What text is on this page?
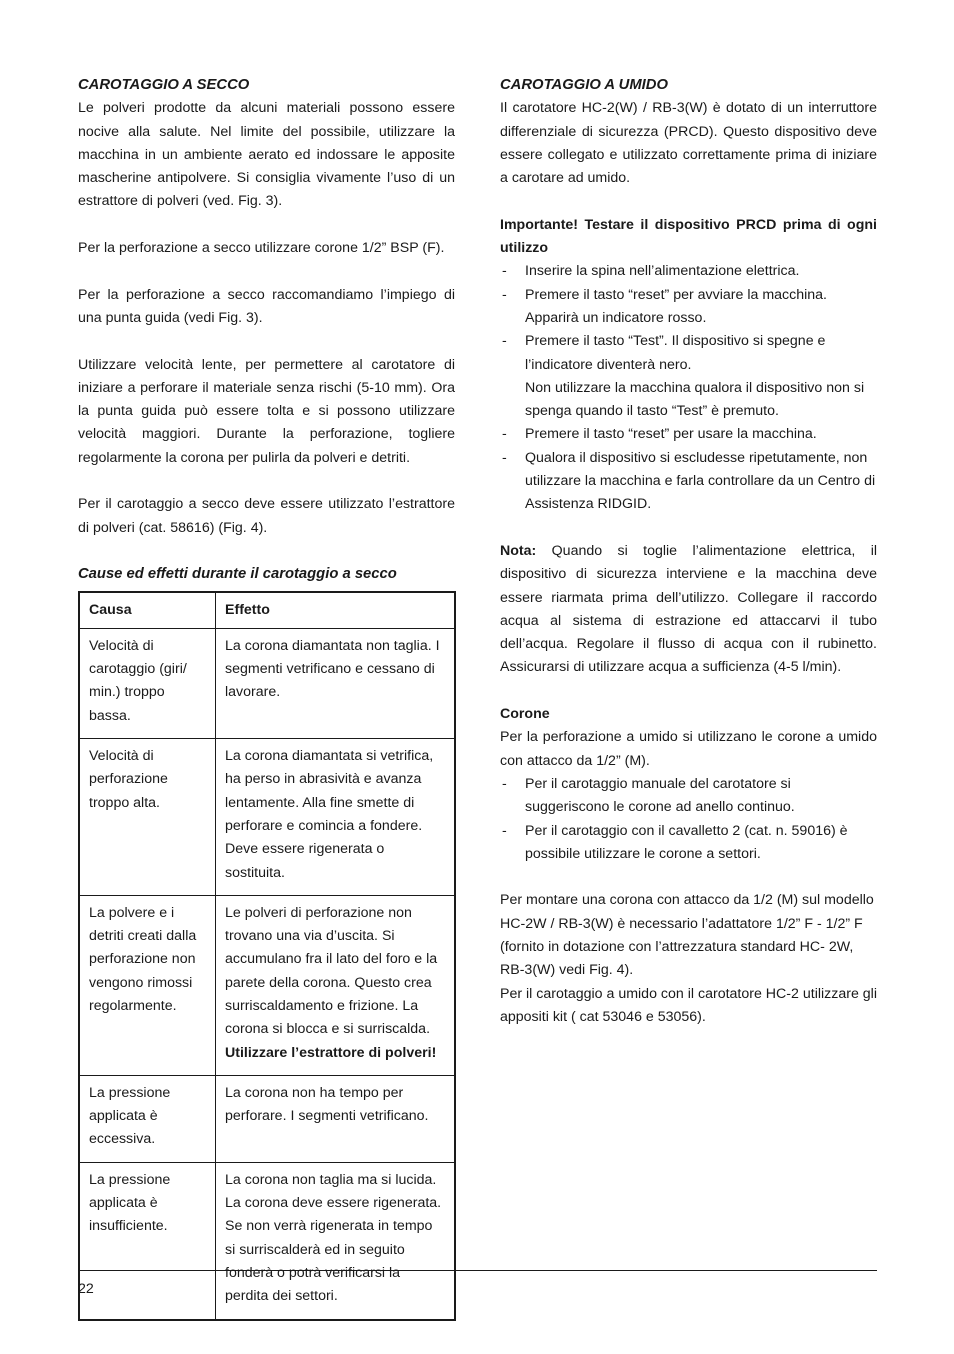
CAROTAGGIO A SECCO

Le polveri prodotte da alcuni materiali possono essere nocive alla salute. Nel limite del possibile, utilizzare la macchina in un ambiente aerato ed indossare le apposite mascherine antipolvere. Si consiglia vivamente l’uso di un estrattore di polveri (ved. Fig. 3).

Per la perforazione a secco utilizzare corone 1/2” BSP (F).

Per la perforazione a secco raccomandiamo l’impiego di una punta guida (vedi Fig. 3).

Utilizzare velocità lente, per permettere al carotatore di iniziare a perforare il materiale senza rischi (5-10 mm). Ora la punta guida può essere tolta e si possono utilizzare velocità maggiori. Durante la perforazione, togliere regolarmente la corona per pulirla da polveri e detriti.

Per il carotaggio a secco deve essere utilizzato l’estrattore di polveri (cat. 58616) (Fig. 4).

Cause ed effetti durante il carotaggio a secco
Causa	Effetto
Velocità di carotaggio (giri/ min.) troppo bassa.	La corona diamantata non taglia. I segmenti vetrificano e cessano di lavorare.
Velocità di perforazione troppo alta.	La corona diamantata si vetrifica, ha perso in abrasività e avanza lentamente. Alla fine smette di perforare e comincia a fondere. Deve essere rigenerata o sostituita.
La polvere e i detriti creati dalla perforazione non vengono rimossi regolarmente.	Le polveri di perforazione non trovano una via d’uscita. Si accumulano fra il lato del foro e la parete della corona. Questo crea surriscaldamento e frizione. La corona si blocca e si surriscalda. Utilizzare l’estrattore di polveri!
La pressione applicata è eccessiva.	La corona non ha tempo per perforare. I segmenti vetrificano.
La pressione applicata è insufficiente.	La corona non taglia ma si lucida. La corona deve essere rigenerata. Se non verrà rigenerata in tempo si surriscalderà ed in seguito fonderà o potrà verificarsi la perdita dei settori.
CAROTAGGIO A UMIDO

Il carotatore HC-2(W) / RB-3(W) è dotato di un interruttore differenziale di sicurezza (PRCD). Questo dispositivo deve essere collegato e utilizzato correttamente prima di iniziare a carotare ad umido.

Importante! Testare il dispositivo PRCD prima di ogni utilizzo

- Inserire la spina nell’alimentazione elettrica.
- Premere il tasto “reset” per avviare la macchina. Apparirà un indicatore rosso.
- Premere il tasto “Test”. Il dispositivo si spegne e l’indicatore diventerà nero.
Non utilizzare la macchina qualora il dispositivo non si spenga quando il tasto “Test” è premuto.
- Premere il tasto “reset” per usare la macchina.
- Qualora il dispositivo si escludesse ripetutamente, non utilizzare la macchina e farla controllare da un Centro di Assistenza RIDGID.

Nota: Quando si toglie l’alimentazione elettrica, il dispositivo di sicurezza interviene e la macchina deve essere riarmata prima dell’utilizzo. Collegare il raccordo acqua al sistema di estrazione ed attaccarvi il tubo dell’acqua. Regolare il flusso di acqua con il rubinetto. Assicurarsi di utilizzare acqua a sufficienza (4-5 l/min).

Corone

Per la perforazione a umido si utilizzano le corone a umido con attacco da 1/2” (M).

- Per il carotaggio manuale del carotatore si suggeriscono le corone ad anello continuo.
- Per il carotaggio con il cavalletto 2 (cat. n. 59016) è possibile utilizzare le corone a settori.

Per montare una corona con attacco da 1/2 (M) sul modello HC-2W / RB-3(W) è necessario l’adattatore 1/2” F - 1/2” F (fornito in dotazione con l’attrezzatura standard HC- 2W, RB-3(W) vedi Fig. 4).

Per il carotaggio a umido con il carotatore HC-2 utilizzare gli appositi kit ( cat 53046 e 53056).

22
